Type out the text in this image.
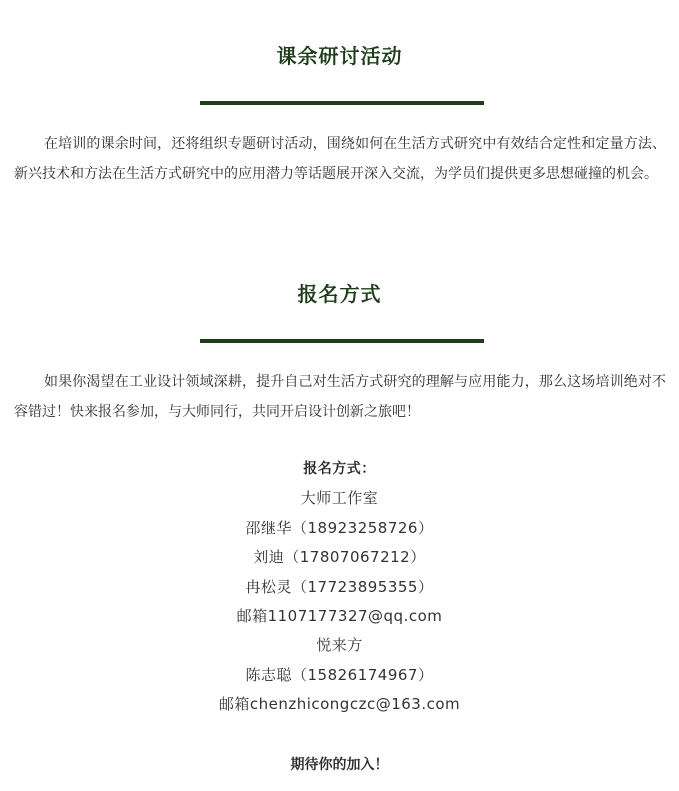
课余研讨活动

在培训的课余时间，还将组织专题研讨活动，围绕如何在生活方式研究中有效结合定性和定量方法、新兴技术和方法在生活方式研究中的应用潜力等话题展开深入交流，为学员们提供更多思想碰撞的机会。

报名方式

如果你渴望在工业设计领域深耕，提升自己对生活方式研究的理解与应用能力，那么这场培训绝对不容错过！快来报名参加，与大师同行，共同开启设计创新之旅吧！

报名方式：
大师工作室
邵继华（18923258726）
刘迪（17807067212）
冉松灵（17723895355）
邮箱1107177327@qq.com
悦来方
陈志聪（15826174967）
邮箱chenzhicongczc@163.com
期待你的加入！
